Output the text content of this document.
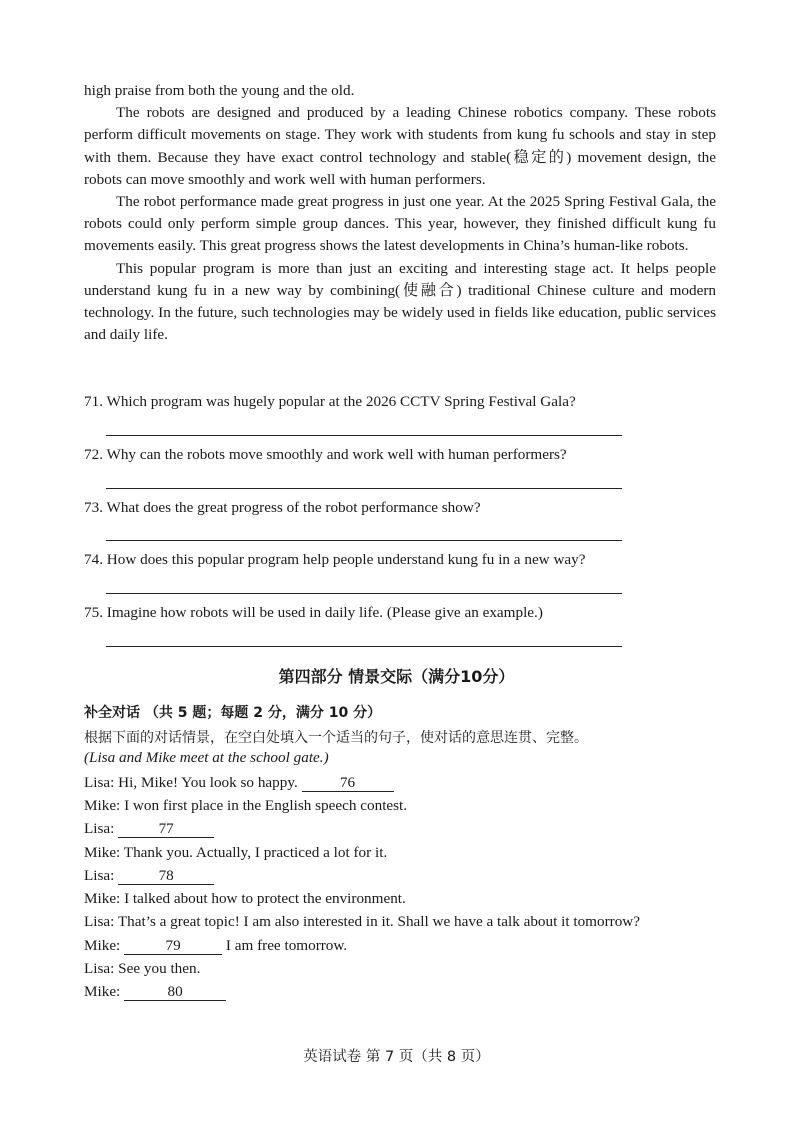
high praise from both the young and the old.

The robots are designed and produced by a leading Chinese robotics company. These robots perform difficult movements on stage. They work with students from kung fu schools and stay in step with them. Because they have exact control technology and stable(稳定的) movement design, the robots can move smoothly and work well with human performers.

The robot performance made great progress in just one year. At the 2025 Spring Festival Gala, the robots could only perform simple group dances. This year, however, they finished difficult kung fu movements easily. This great progress shows the latest developments in China’s human-like robots.

This popular program is more than just an exciting and interesting stage act. It helps people understand kung fu in a new way by combining(使融合) traditional Chinese culture and modern technology. In the future, such technologies may be widely used in fields like education, public services and daily life.

71. Which program was hugely popular at the 2026 CCTV Spring Festival Gala?
72. Why can the robots move smoothly and work well with human performers?
73. What does the great progress of the robot performance show?
74. How does this popular program help people understand kung fu in a new way?
75. Imagine how robots will be used in daily life. (Please give an example.)
第四部分 情景交际（满分10分）
补全对话 （共 5 题；每题 2 分，满分 10 分）
根据下面的对话情景，在空白处填入一个适当的句子，使对话的意思连贯、完整。
(Lisa and Mike meet at the school gate.)
Lisa: Hi, Mike! You look so happy.	76
Mike: I won first place in the English speech contest.
Lisa:	77
Mike: Thank you. Actually, I practiced a lot for it.
Lisa:	78
Mike: I talked about how to protect the environment.
Lisa: That’s a great topic! I am also interested in it. Shall we have a talk about it tomorrow?
Mike:	79	I am free tomorrow.
Lisa: See you then.
Mike:	80
英语试卷 第 7 页（共 8 页）
